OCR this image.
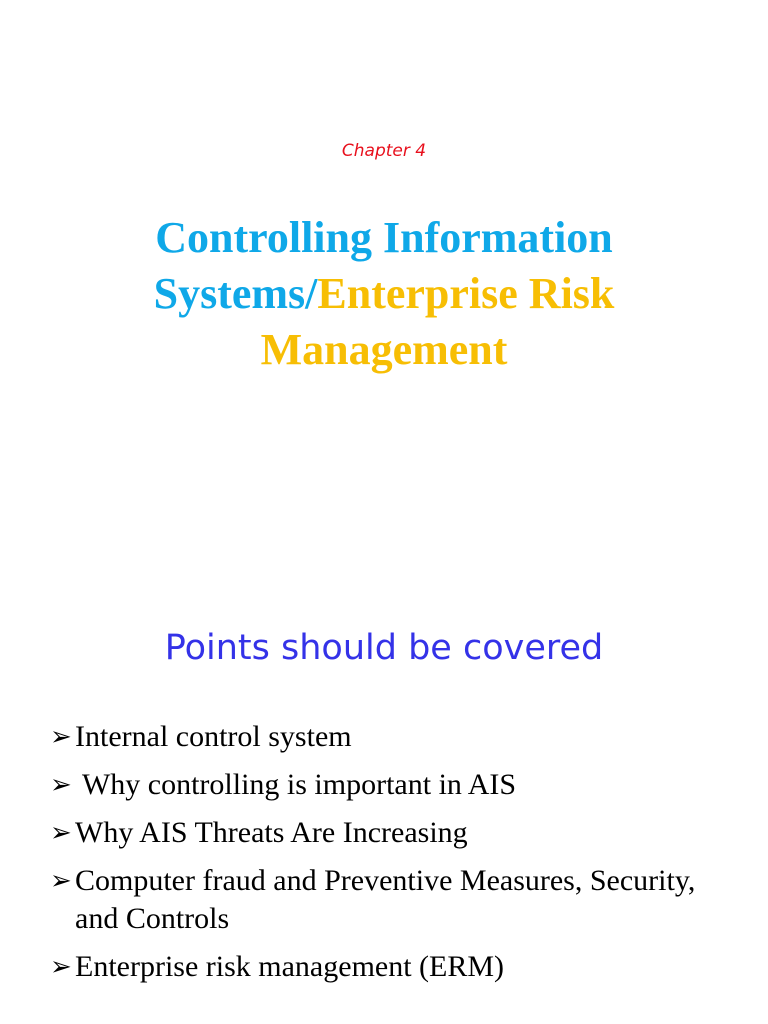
Chapter 4
Controlling Information Systems/Enterprise Risk Management
Points should be covered
➢ Internal control system
➢ Why controlling is important in AIS
➢ Why AIS Threats Are Increasing
➢ Computer fraud and Preventive Measures, Security, and Controls
➢ Enterprise risk management (ERM)
